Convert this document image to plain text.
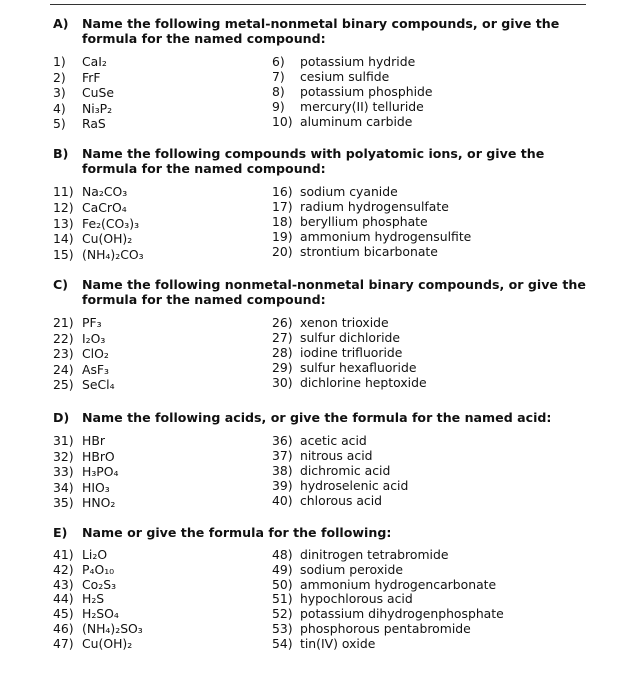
A) Name the following metal-nonmetal binary compounds, or give the formula for the named compound:
1) CaI₂
2) FrF
3) CuSe
4) Ni₃P₂
5) RaS
6) potassium hydride
7) cesium sulfide
8) potassium phosphide
9) mercury(II) telluride
10) aluminum carbide
B) Name the following compounds with polyatomic ions, or give the formula for the named compound:
11) Na₂CO₃
12) CaCrO₄
13) Fe₂(CO₃)₃
14) Cu(OH)₂
15) (NH₄)₂CO₃
16) sodium cyanide
17) radium hydrogensulfate
18) beryllium phosphate
19) ammonium hydrogensulfite
20) strontium bicarbonate
C) Name the following nonmetal-nonmetal binary compounds, or give the formula for the named compound:
21) PF₃
22) I₂O₃
23) ClO₂
24) AsF₃
25) SeCl₄
26) xenon trioxide
27) sulfur dichloride
28) iodine trifluoride
29) sulfur hexafluoride
30) dichlorine heptoxide
D) Name the following acids, or give the formula for the named acid:
31) HBr
32) HBrO
33) H₃PO₄
34) HIO₃
35) HNO₂
36) acetic acid
37) nitrous acid
38) dichromic acid
39) hydroselenic acid
40) chlorous acid
E) Name or give the formula for the following:
41) Li₂O
42) P₄O₁₀
43) Co₂S₃
44) H₂S
45) H₂SO₄
46) (NH₄)₂SO₃
47) Cu(OH)₂
48) dinitrogen tetrabromide
49) sodium peroxide
50) ammonium hydrogencarbonate
51) hypochlorous acid
52) potassium dihydrogenphosphate
53) phosphorous pentabromide
54) tin(IV) oxide
